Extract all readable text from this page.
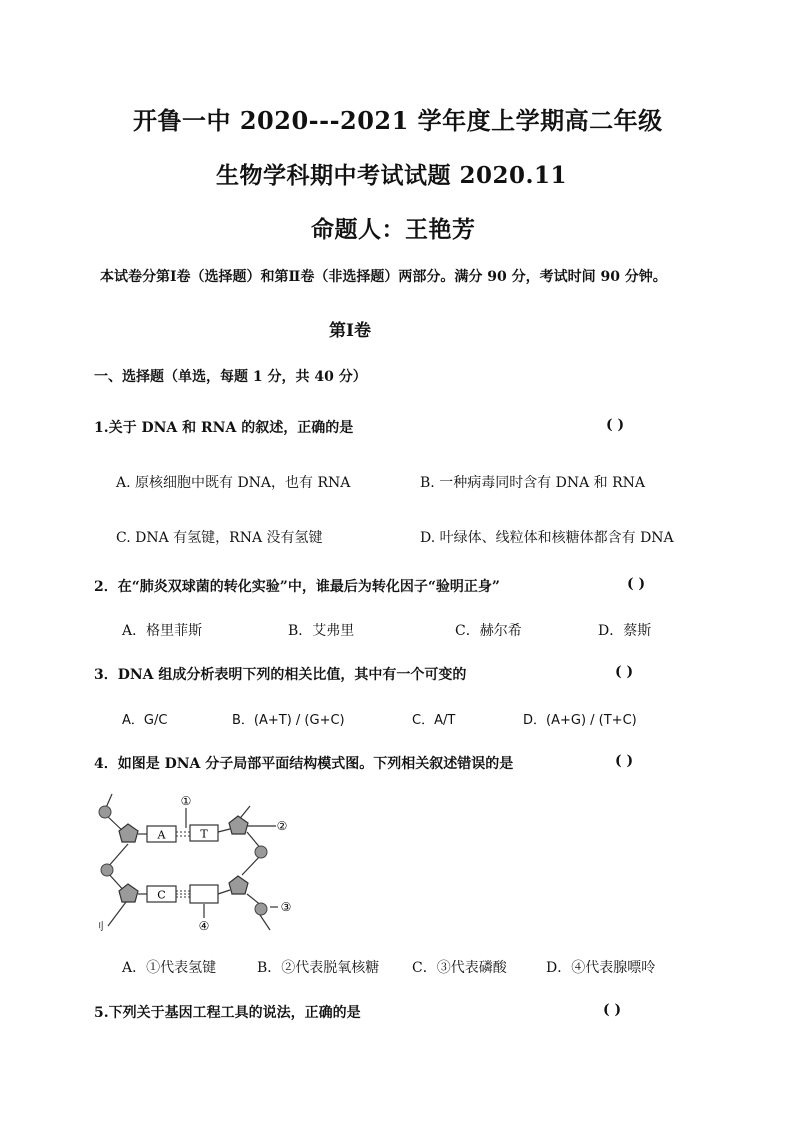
开鲁一中 2020---2021 学年度上学期高二年级
生物学科期中考试试题 2020.11
命题人：王艳芳
本试卷分第Ⅰ卷（选择题）和第Ⅱ卷（非选择题）两部分。满分 90 分，考试时间 90 分钟。
第Ⅰ卷
一、选择题（单选，每题 1 分，共 40 分）
1.关于 DNA 和 RNA 的叙述，正确的是	( )
A. 原核细胞中既有 DNA，也有 RNA	B. 一种病毒同时含有 DNA 和 RNA
C. DNA 有氢键，RNA 没有氢键	D. 叶绿体、线粒体和核糖体都含有 DNA
2．在“肺炎双球菌的转化实验”中，谁最后为转化因子“验明正身”	( )
A．格里菲斯	B．艾弗里	C．赫尔希	D．蔡斯
3．DNA 组成分析表明下列的相关比值，其中有一个可变的	( )
A．G/C	B．(A+T) / (G+C)	C．A/T	D．(A+G) / (T+C)
4．如图是 DNA 分子局部平面结构模式图。下列相关叙述错误的是	( )
A	T
C
①
②
③
④
刂
A．①代表氢键	B．②代表脱氧核糖 C．③代表磷酸	D．④代表腺嘌呤
5.下列关于基因工程工具的说法，正确的是	( )
